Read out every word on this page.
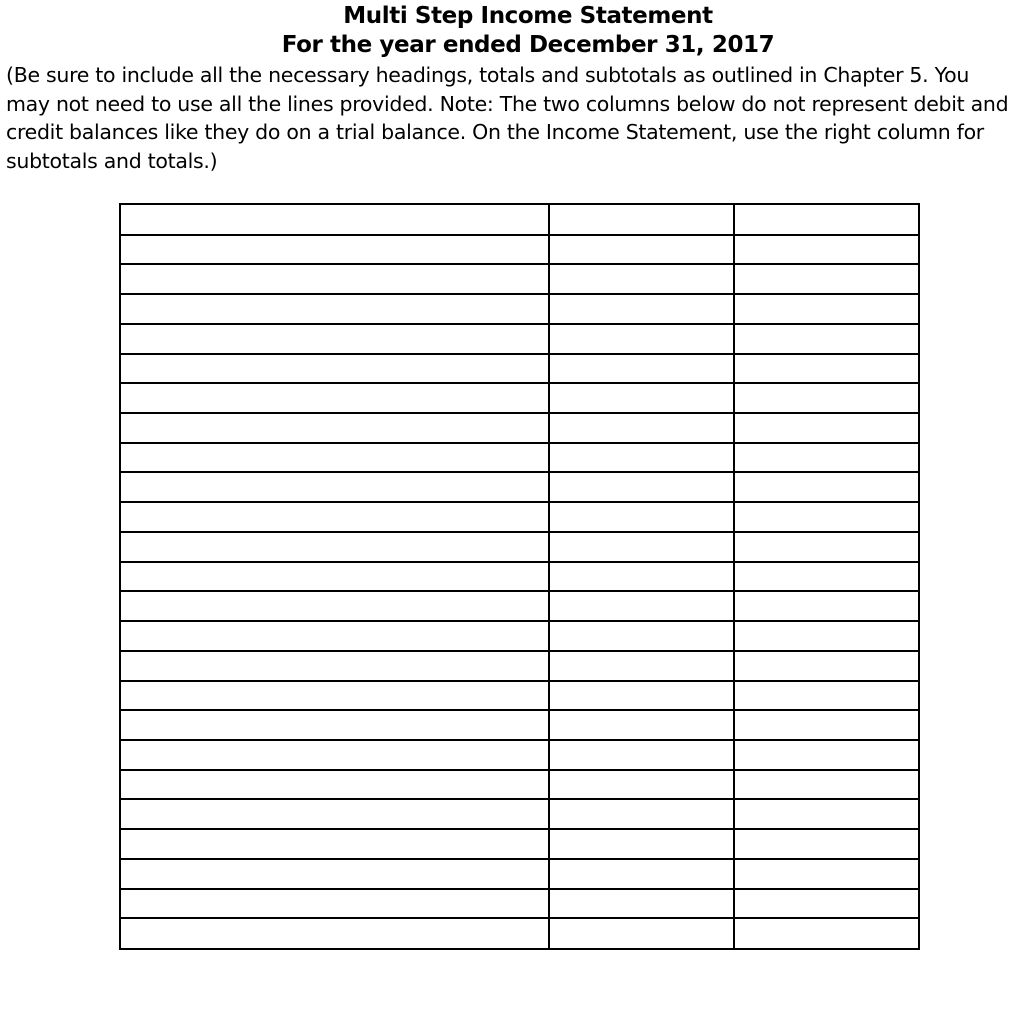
Multi Step Income Statement
For the year ended December 31, 2017
(Be sure to include all the necessary headings, totals and subtotals as outlined in Chapter 5. You
may not need to use all the lines provided. Note: The two columns below do not represent debit and
credit balances like they do on a trial balance. On the Income Statement, use the right column for
subtotals and totals.)
